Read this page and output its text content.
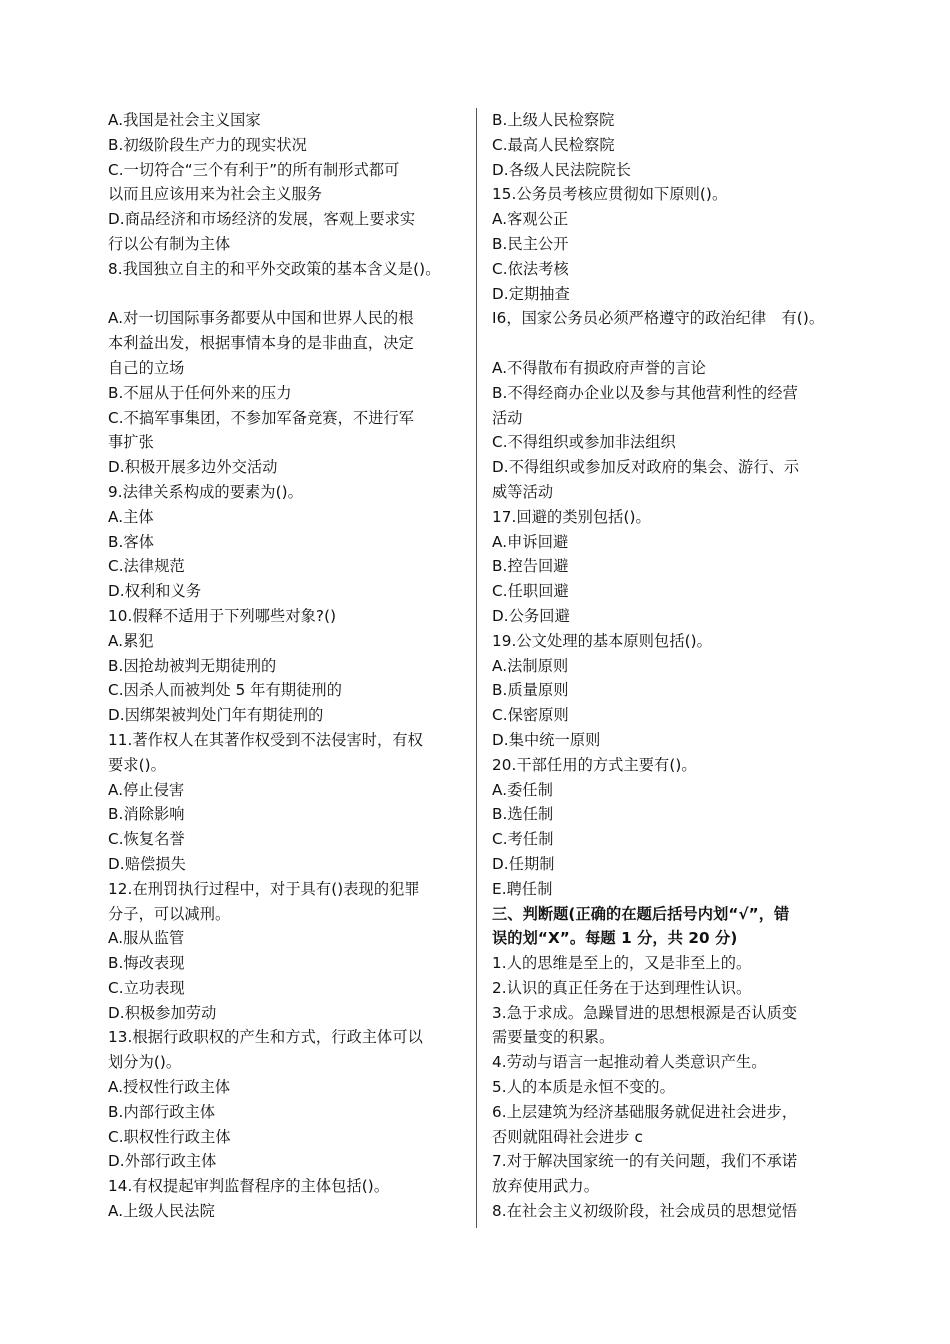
A.我国是社会主义国家
B.初级阶段生产力的现实状况
C.一切符合“三个有利于”的所有制形式都可
以而且应该用来为社会主义服务
D.商品经济和市场经济的发展，客观上要求实
行以公有制为主体
8.我国独立自主的和平外交政策的基本含义是()。
A.对一切国际事务都要从中国和世界人民的根
本利益出发，根据事情本身的是非曲直，决定
自己的立场
B.不屈从于任何外来的压力
C.不搞军事集团，不参加军备竞赛，不进行军
事扩张
D.积极开展多边外交活动
9.法律关系构成的要素为()。
A.主体
B.客体
C.法律规范
D.权利和义务
10.假释不适用于下列哪些对象?()
A.累犯
B.因抢劫被判无期徒刑的
C.因杀人而被判处 5 年有期徒刑的
D.因绑架被判处门年有期徒刑的
11.著作权人在其著作权受到不法侵害时，有权
要求()。
A.停止侵害
B.消除影响
C.恢复名誉
D.赔偿损失
12.在刑罚执行过程中，对于具有()表现的犯罪
分子，可以减刑。
A.服从监管
B.悔改表现
C.立功表现
D.积极参加劳动
13.根据行政职权的产生和方式，行政主体可以
划分为()。
A.授权性行政主体
B.内部行政主体
C.职权性行政主体
D.外部行政主体
14.有权提起审判监督程序的主体包括()。
A.上级人民法院
B.上级人民检察院
C.最高人民检察院
D.各级人民法院院长
15.公务员考核应贯彻如下原则()。
A.客观公正
B.民主公开
C.依法考核
D.定期抽查
I6，国家公务员必须严格遵守的政治纪律　有()。
A.不得散布有损政府声誉的言论
B.不得经商办企业以及参与其他营利性的经营
活动
C.不得组织或参加非法组织
D.不得组织或参加反对政府的集会、游行、示
威等活动
17.回避的类别包括()。
A.申诉回避
B.控告回避
C.任职回避
D.公务回避
19.公文处理的基本原则包括()。
A.法制原则
B.质量原则
C.保密原则
D.集中统一原则
20.干部任用的方式主要有()。
A.委任制
B.选任制
C.考任制
D.任期制
E.聘任制
三、判断题(正确的在题后括号内划“√”，错
误的划“X”。每题 1 分，共 20 分)
1.人的思维是至上的，又是非至上的。
2.认识的真正任务在于达到理性认识。
3.急于求成。急躁冒进的思想根源是否认质变
需要量变的积累。
4.劳动与语言一起推动着人类意识产生。
5.人的本质是永恒不变的。
6.上层建筑为经济基础服务就促进社会进步，
否则就阻碍社会进步 c
7.对于解决国家统一的有关问题，我们不承诺
放弃使用武力。
8.在社会主义初级阶段，社会成员的思想觉悟
